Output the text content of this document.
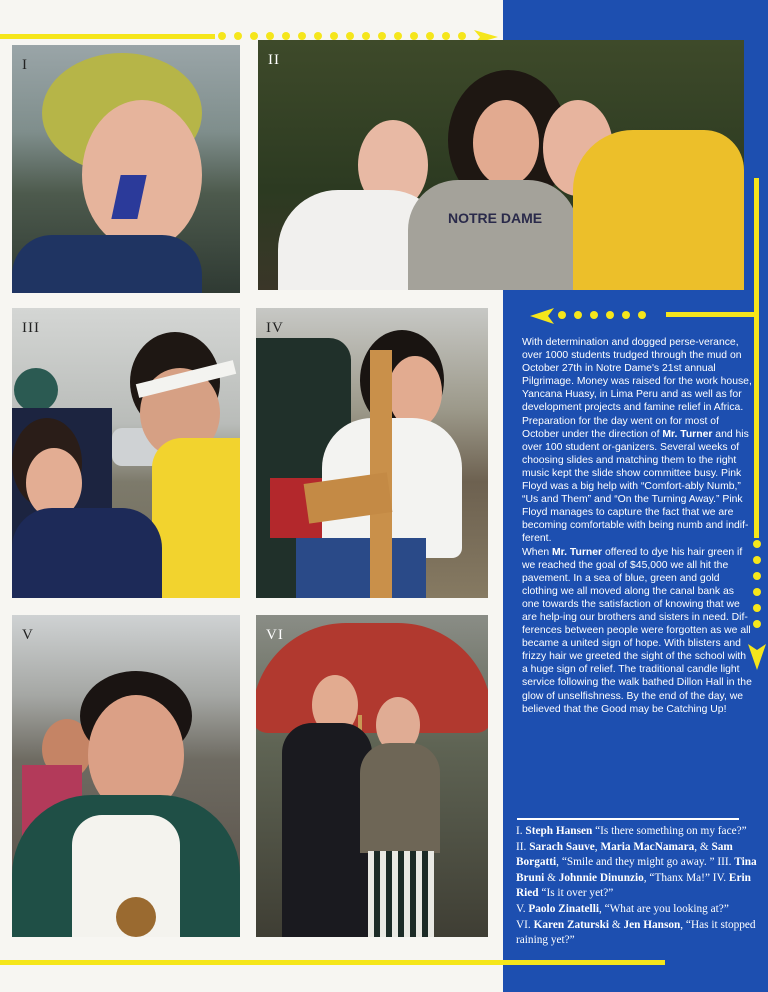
I	II
NOTRE DAME
III	IV
V	VI

With determination and dogged perse-verance, over 1000 students trudged through the mud on October 27th in Notre Dame's 21st annual Pilgrimage. Money was raised for the work house, Yancana Huasy, in Lima Peru and as well as for development projects and famine relief in Africa. Preparation for the day went on for most of October under the direction of Mr. Turner and his over 100 student or-ganizers. Several weeks of choosing slides and matching them to the right music kept the slide show committee busy. Pink Floyd was a big help with “Comfort-ably Numb,” “Us and Them” and “On the Turning Away.” Pink Floyd manages to capture the fact that we are becoming comfortable with being numb and indif-ferent.

When Mr. Turner offered to dye his hair green if we reached the goal of $45,000 we all hit the pavement. In a sea of blue, green and gold clothing we all moved along the canal bank as one towards the satisfaction of knowing that we are help-ing our brothers and sisters in need. Dif-ferences between people were forgotten as we all became a united sign of hope. With blisters and frizzy hair we greeted the sight of the school with a huge sign of relief. The traditional candle light service following the walk bathed Dillon Hall in the glow of unselfishness. By the end of the day, we believed that the Good may be Catching Up!

I. Steph Hansen “Is there something on my face?” II. Sarach Sauve, Maria MacNamara, & Sam Borgatti, “Smile and they might go away. ” III. Tina Bruni & Johnnie Dinunzio, “Thanx Ma!” IV. Erin Ried “Is it over yet?”
V. Paolo Zinatelli, “What are you looking at?”
VI. Karen Zaturski & Jen Hanson, “Has it stopped raining yet?”
